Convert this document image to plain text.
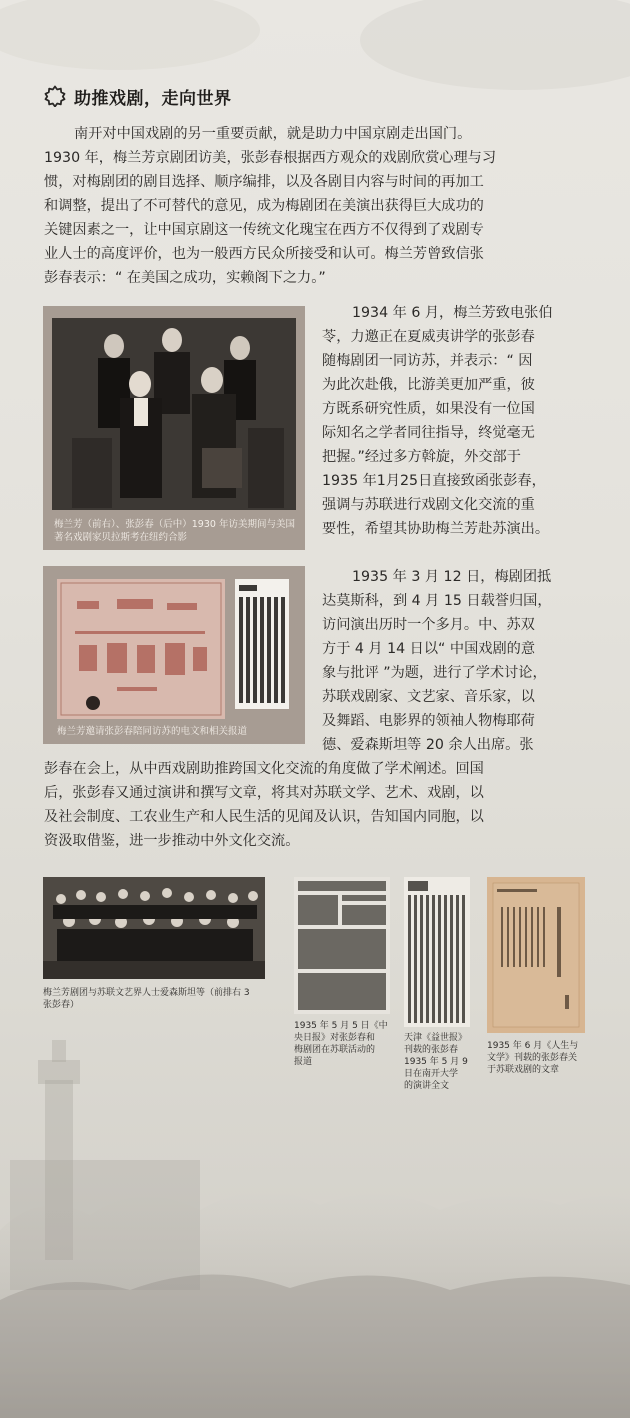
助推戏剧，走向世界
南开对中国戏剧的另一重要贡献，就是助力中国京剧走出国门。
1930 年，梅兰芳京剧团访美，张彭春根据西方观众的戏剧欣赏心理与习
惯，对梅剧团的剧目选择、顺序编排，以及各剧目内容与时间的再加工
和调整，提出了不可替代的意见，成为梅剧团在美演出获得巨大成功的
关键因素之一，让中国京剧这一传统文化瑰宝在西方不仅得到了戏剧专
业人士的高度评价，也为一般西方民众所接受和认可。梅兰芳曾致信张
彭春表示：“ 在美国之成功，实赖阁下之力。”
梅兰芳（前右）、张彭春（后中）1930 年访美期间与美国
著名戏剧家贝拉斯考在纽约合影
1934 年 6 月，梅兰芳致电张伯
苓，力邀正在夏威夷讲学的张彭春
随梅剧团一同访苏，并表示：“ 因
为此次赴俄，比游美更加严重，彼
方既系研究性质，如果没有一位国
际知名之学者同往指导，终觉毫无
把握。”经过多方斡旋，外交部于
1935 年1月25日直接致函张彭春，
强调与苏联进行戏剧文化交流的重
要性，希望其协助梅兰芳赴苏演出。
梅兰芳邀请张彭春陪同访苏的电文和相关报道
1935 年 3 月 12 日，梅剧团抵
达莫斯科，到 4 月 15 日载誉归国，
访问演出历时一个多月。中、苏双
方于 4 月 14 日以“ 中国戏剧的意
象与批评 ”为题，进行了学术讨论，
苏联戏剧家、文艺家、音乐家，以
及舞蹈、电影界的领袖人物梅耶荷
德、爱森斯坦等 20 余人出席。张
彭春在会上，从中西戏剧助推跨国文化交流的角度做了学术阐述。回国
后，张彭春又通过演讲和撰写文章，将其对苏联文学、艺术、戏剧，以
及社会制度、工农业生产和人民生活的见闻及认识，告知国内同胞，以
资汲取借鉴，进一步推动中外文化交流。
梅兰芳剧团与苏联文艺界人士爱森斯坦等（前排右 3
张彭春）
1935 年 5 月 5 日《中
央日报》对张彭春和
梅剧团在苏联活动的
报道
天津《益世报》
刊载的张彭春
1935 年 5 月 9
日在南开大学
的演讲全文
1935 年 6 月《人生与
文学》刊载的张彭春关
于苏联戏剧的文章
